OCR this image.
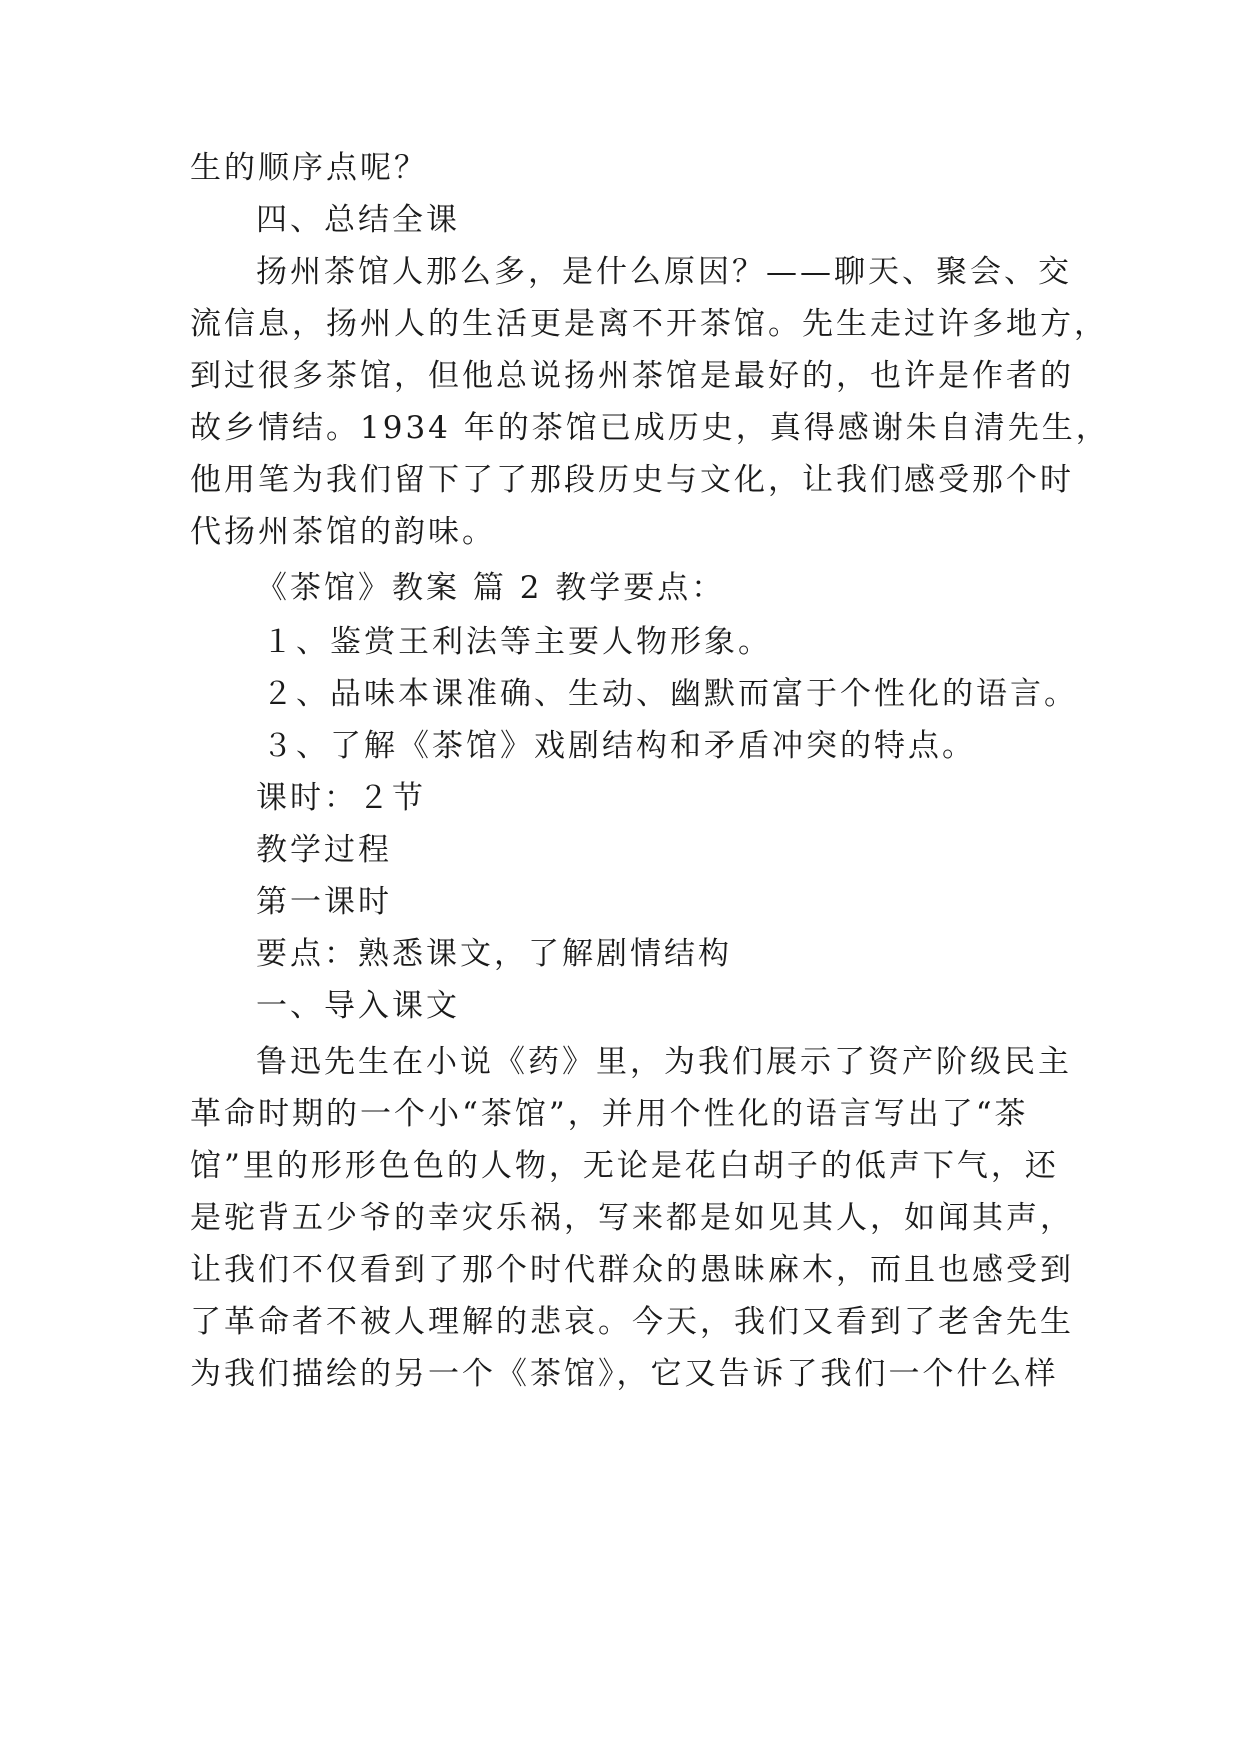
生的顺序点呢？
四、总结全课
扬州茶馆人那么多，是什么原因？——聊天、聚会、交
流信息，扬州人的生活更是离不开茶馆。先生走过许多地方，
到过很多茶馆，但他总说扬州茶馆是最好的，也许是作者的
故乡情结。1934 年的茶馆已成历史，真得感谢朱自清先生，
他用笔为我们留下了了那段历史与文化，让我们感受那个时
代扬州茶馆的韵味。
《茶馆》教案 篇 2 教学要点：
１、鉴赏王利法等主要人物形象。
２、品味本课准确、生动、幽默而富于个性化的语言。
３、了解《茶馆》戏剧结构和矛盾冲突的特点。
课时：２节
教学过程
第一课时
要点：熟悉课文，了解剧情结构
一、导入课文
鲁迅先生在小说《药》里，为我们展示了资产阶级民主
革命时期的一个小“茶馆”，并用个性化的语言写出了“茶
馆”里的形形色色的人物，无论是花白胡子的低声下气，还
是驼背五少爷的幸灾乐祸，写来都是如见其人，如闻其声，
让我们不仅看到了那个时代群众的愚昧麻木，而且也感受到
了革命者不被人理解的悲哀。今天，我们又看到了老舍先生
为我们描绘的另一个《茶馆》，它又告诉了我们一个什么样
